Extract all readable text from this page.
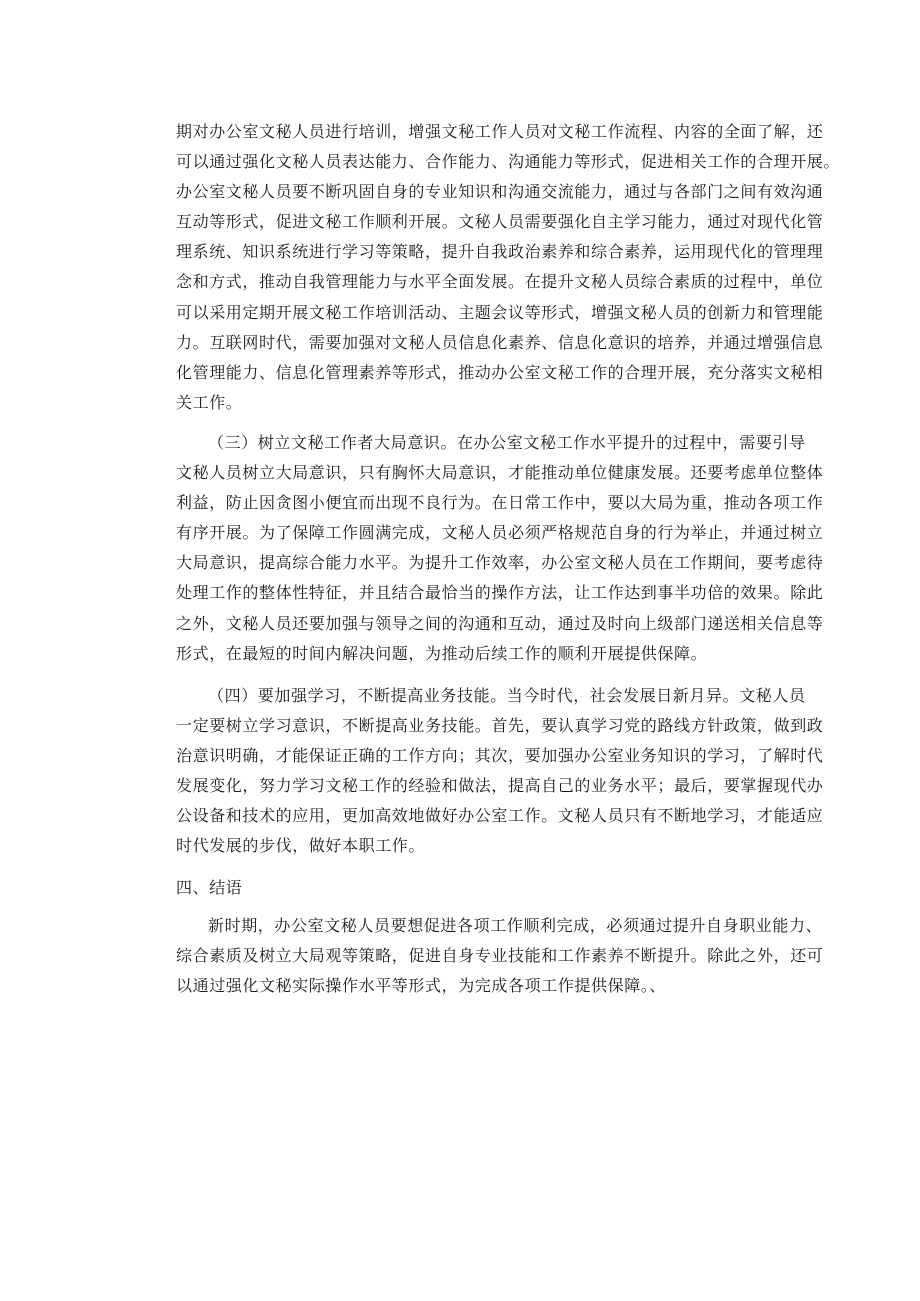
期对办公室文秘人员进行培训，增强文秘工作人员对文秘工作流程、内容的全面了解，还
可以通过强化文秘人员表达能力、合作能力、沟通能力等形式，促进相关工作的合理开展。
办公室文秘人员要不断巩固自身的专业知识和沟通交流能力，通过与各部门之间有效沟通
互动等形式，促进文秘工作顺利开展。文秘人员需要强化自主学习能力，通过对现代化管
理系统、知识系统进行学习等策略，提升自我政治素养和综合素养，运用现代化的管理理
念和方式，推动自我管理能力与水平全面发展。在提升文秘人员综合素质的过程中，单位
可以采用定期开展文秘工作培训活动、主题会议等形式，增强文秘人员的创新力和管理能
力。互联网时代，需要加强对文秘人员信息化素养、信息化意识的培养，并通过增强信息
化管理能力、信息化管理素养等形式，推动办公室文秘工作的合理开展，充分落实文秘相
关工作。
（三）树立文秘工作者大局意识。在办公室文秘工作水平提升的过程中，需要引导
文秘人员树立大局意识，只有胸怀大局意识，才能推动单位健康发展。还要考虑单位整体
利益，防止因贪图小便宜而出现不良行为。在日常工作中，要以大局为重，推动各项工作
有序开展。为了保障工作圆满完成，文秘人员必须严格规范自身的行为举止，并通过树立
大局意识，提高综合能力水平。为提升工作效率，办公室文秘人员在工作期间，要考虑待
处理工作的整体性特征，并且结合最恰当的操作方法，让工作达到事半功倍的效果。除此
之外，文秘人员还要加强与领导之间的沟通和互动，通过及时向上级部门递送相关信息等
形式，在最短的时间内解决问题，为推动后续工作的顺利开展提供保障。
（四）要加强学习，不断提高业务技能。当今时代，社会发展日新月异。文秘人员
一定要树立学习意识，不断提高业务技能。首先，要认真学习党的路线方针政策，做到政
治意识明确，才能保证正确的工作方向；其次，要加强办公室业务知识的学习，了解时代
发展变化，努力学习文秘工作的经验和做法，提高自己的业务水平；最后，要掌握现代办
公设备和技术的应用，更加高效地做好办公室工作。文秘人员只有不断地学习，才能适应
时代发展的步伐，做好本职工作。
四、结语
新时期，办公室文秘人员要想促进各项工作顺利完成，必须通过提升自身职业能力、
综合素质及树立大局观等策略，促进自身专业技能和工作素养不断提升。除此之外，还可
以通过强化文秘实际操作水平等形式，为完成各项工作提供保障。、
